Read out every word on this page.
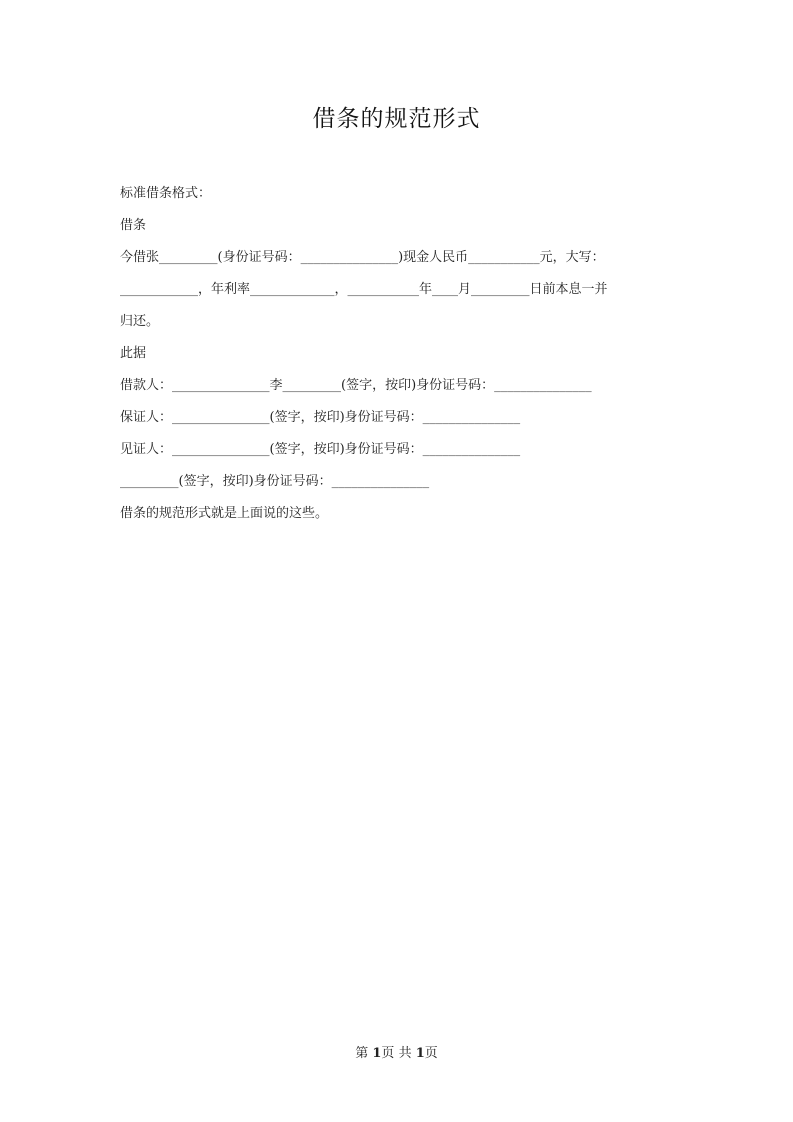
借条的规范形式
标准借条格式：
借条
今借张_________(身份证号码：_______________)现金人民币___________元，大写：
____________，年利率_____________，___________年____月_________日前本息一并
归还。
此据
借款人：_______________李_________(签字，按印)身份证号码：_______________
保证人：_______________(签字，按印)身份证号码：_______________
见证人：_______________(签字，按印)身份证号码：_______________
_________(签字，按印)身份证号码：_______________
借条的规范形式就是上面说的这些。
第 1页 共 1页
